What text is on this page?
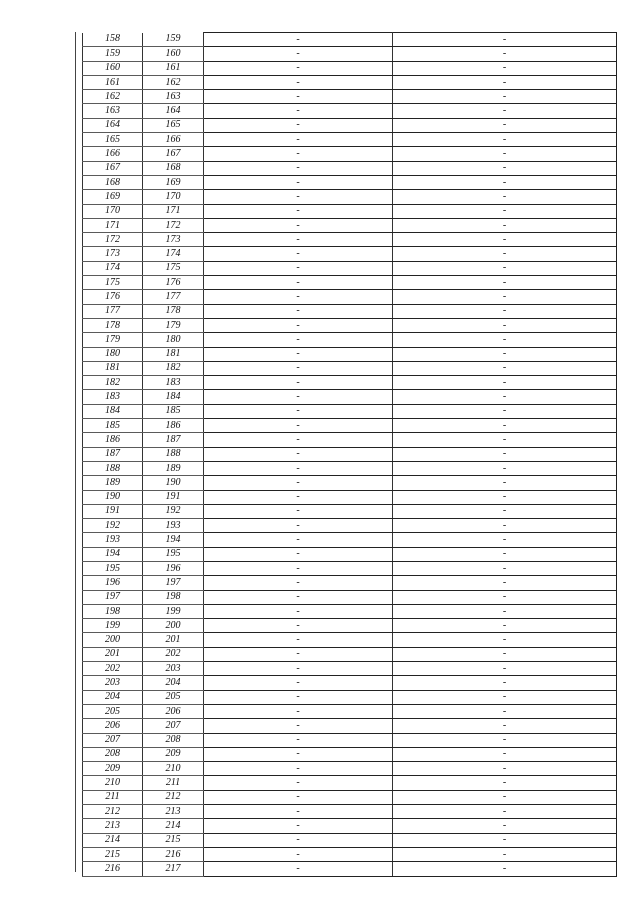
158	159	-	-
159	160	-	-
160	161	-	-
161	162	-	-
162	163	-	-
163	164	-	-
164	165	-	-
165	166	-	-
166	167	-	-
167	168	-	-
168	169	-	-
169	170	-	-
170	171	-	-
171	172	-	-
172	173	-	-
173	174	-	-
174	175	-	-
175	176	-	-
176	177	-	-
177	178	-	-
178	179	-	-
179	180	-	-
180	181	-	-
181	182	-	-
182	183	-	-
183	184	-	-
184	185	-	-
185	186	-	-
186	187	-	-
187	188	-	-
188	189	-	-
189	190	-	-
190	191	-	-
191	192	-	-
192	193	-	-
193	194	-	-
194	195	-	-
195	196	-	-
196	197	-	-
197	198	-	-
198	199	-	-
199	200	-	-
200	201	-	-
201	202	-	-
202	203	-	-
203	204	-	-
204	205	-	-
205	206	-	-
206	207	-	-
207	208	-	-
208	209	-	-
209	210	-	-
210	211	-	-
211	212	-	-
212	213	-	-
213	214	-	-
214	215	-	-
215	216	-	-
216	217	-	-
